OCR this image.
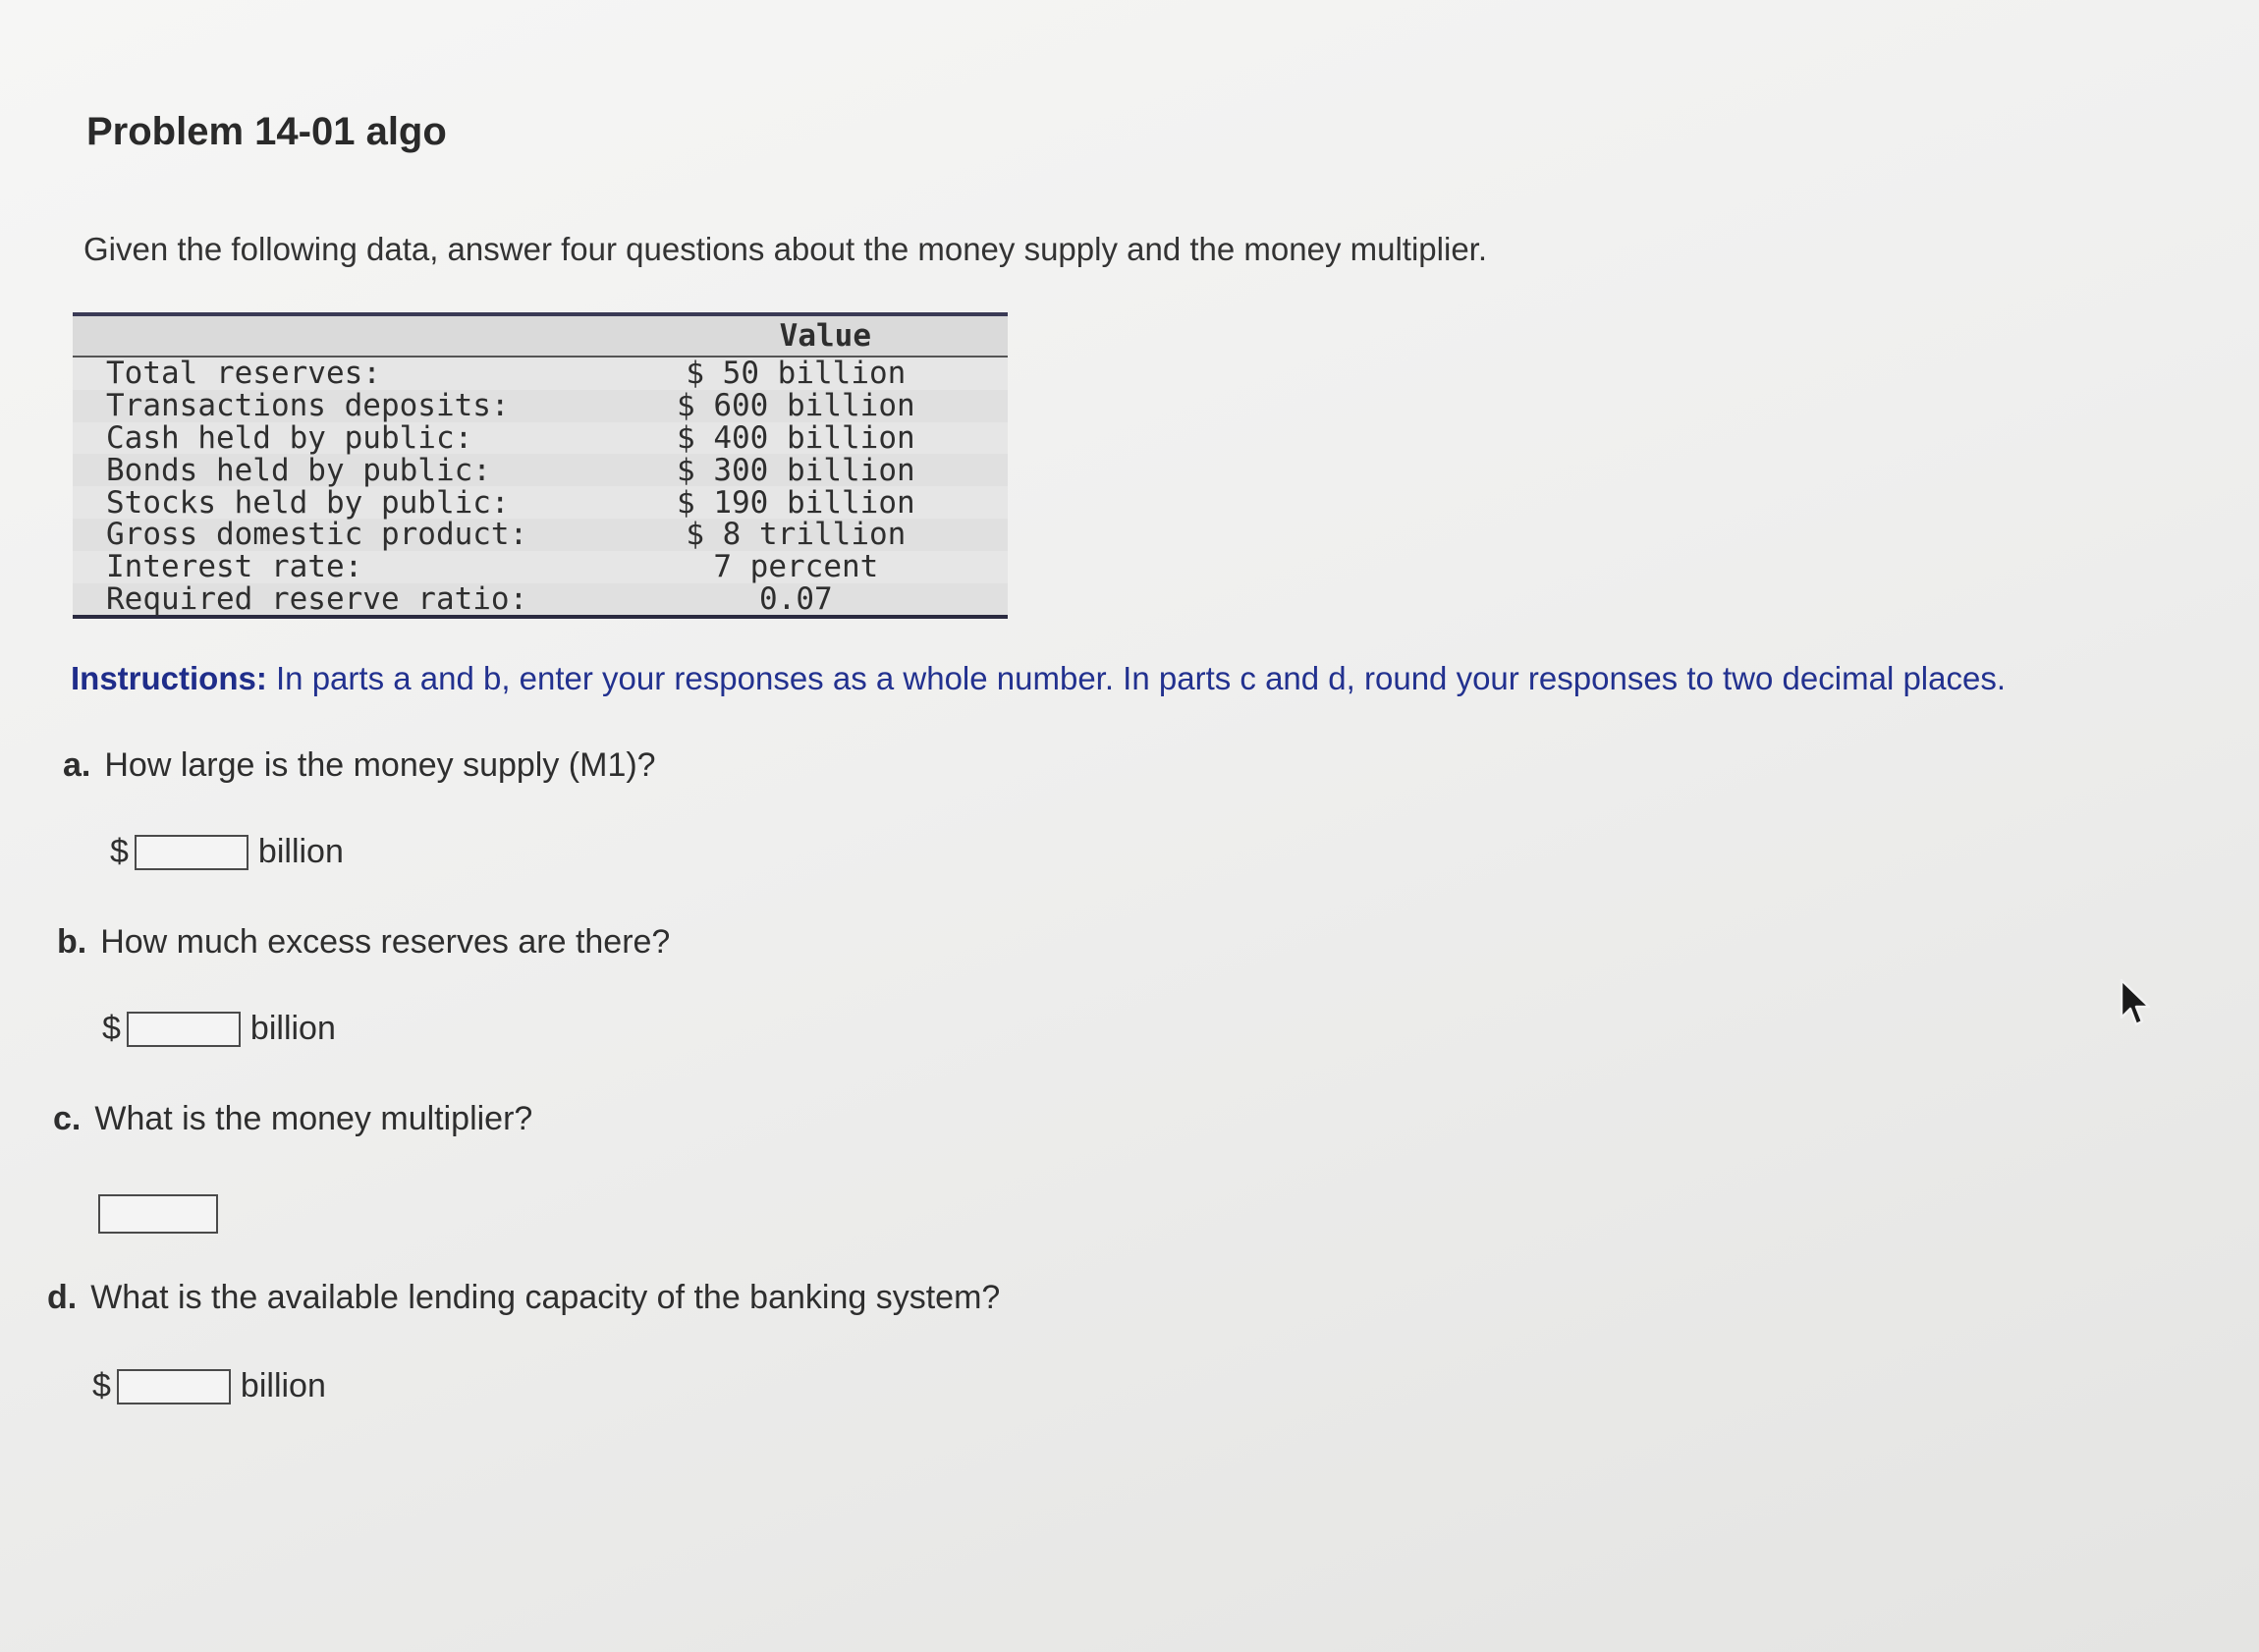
Problem 14-01 algo
Given the following data, answer four questions about the money supply and the money multiplier.
	Value
Total reserves:	$ 50 billion
Transactions deposits:	$ 600 billion
Cash held by public:	$ 400 billion
Bonds held by public:	$ 300 billion
Stocks held by public:	$ 190 billion
Gross domestic product:	$ 8 trillion
Interest rate:	7 percent
Required reserve ratio:	0.07
Instructions: In parts a and b, enter your responses as a whole number. In parts c and d, round your responses to two decimal places.
a. How large is the money supply (M1)?
$	billion
b. How much excess reserves are there?
$	billion
c. What is the money multiplier?
d. What is the available lending capacity of the banking system?
$	billion
